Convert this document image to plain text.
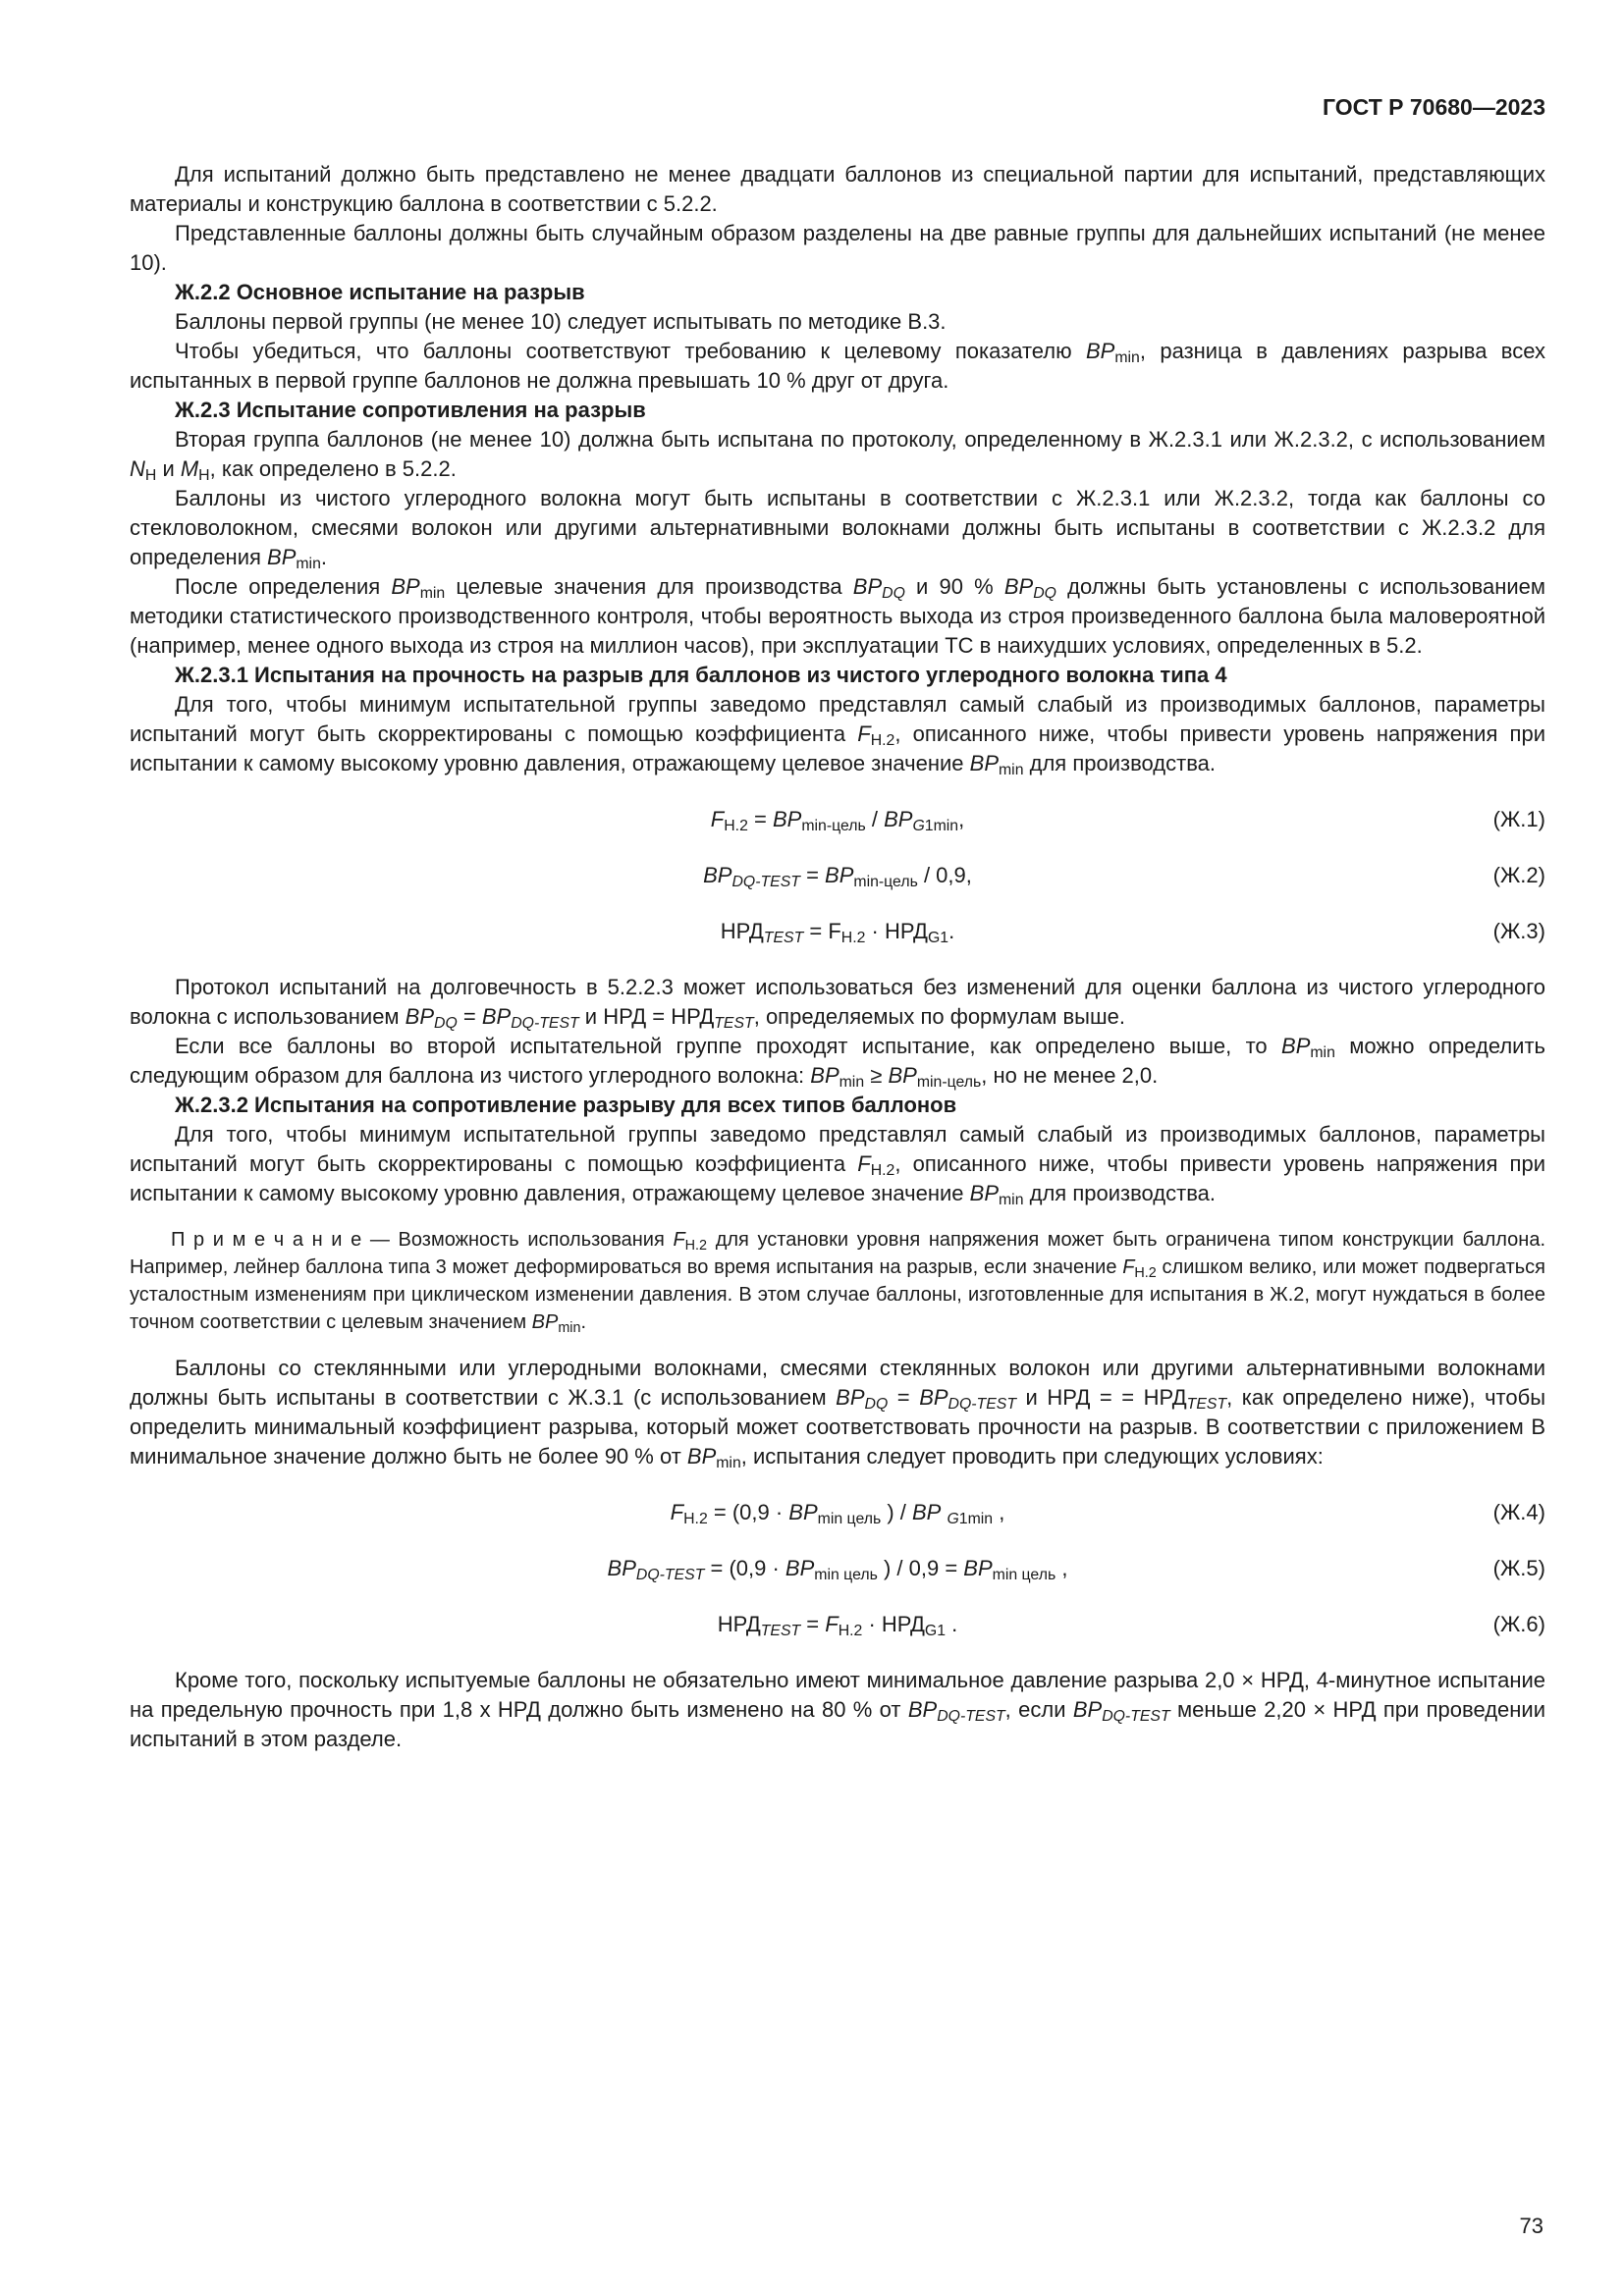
ГОСТ Р 70680—2023

Для испытаний должно быть представлено не менее двадцати баллонов из специальной партии для испытаний, представляющих материалы и конструкцию баллона в соответствии с 5.2.2.

Представленные баллоны должны быть случайным образом разделены на две равные группы для дальнейших испытаний (не менее 10).

Ж.2.2 Основное испытание на разрыв

Баллоны первой группы (не менее 10) следует испытывать по методике В.3.

Чтобы убедиться, что баллоны соответствуют требованию к целевому показателю $BP_{min}$, разница в давлениях разрыва всех испытанных в первой группе баллонов не должна превышать 10 % друг от друга.

Ж.2.3 Испытание сопротивления на разрыв

Вторая группа баллонов (не менее 10) должна быть испытана по протоколу, определенному в Ж.2.3.1 или Ж.2.3.2, с использованием $N_H$ и $M_H$, как определено в 5.2.2.

Баллоны из чистого углеродного волокна могут быть испытаны в соответствии с Ж.2.3.1 или Ж.2.3.2, тогда как баллоны со стекловолокном, смесями волокон или другими альтернативными волокнами должны быть испытаны в соответствии с Ж.2.3.2 для определения $BP_{min}$.

После определения $BP_{min}$ целевые значения для производства $BP_{DQ}$ и 90 % $BP_{DQ}$ должны быть установлены с использованием методики статистического производственного контроля, чтобы вероятность выхода из строя произведенного баллона была маловероятной (например, менее одного выхода из строя на миллион часов), при эксплуатации ТС в наихудших условиях, определенных в 5.2.

Ж.2.3.1 Испытания на прочность на разрыв для баллонов из чистого углеродного волокна типа 4

Для того, чтобы минимум испытательной группы заведомо представлял самый слабый из производимых баллонов, параметры испытаний могут быть скорректированы с помощью коэффициента $F_{H.2}$, описанного ниже, чтобы привести уровень напряжения при испытании к самому высокому уровню давления, отражающему целевое значение $BP_{min}$ для производства.

$F_{H.2} = BP_{min-цель} / BP_{G1min}$,	(Ж.1)
$BP_{DQ-TEST} = BP_{min-цель} / 0,9$,	(Ж.2)
$НРД_{TEST} = F_{H.2} \cdot НРД_{G1}$.	(Ж.3)

Протокол испытаний на долговечность в 5.2.2.3 может использоваться без изменений для оценки баллона из чистого углеродного волокна с использованием $BP_{DQ} = BP_{DQ-TEST}$ и НРД = $НРД_{TEST}$, определяемых по формулам выше.

Если все баллоны во второй испытательной группе проходят испытание, как определено выше, то $BP_{min}$ можно определить следующим образом для баллона из чистого углеродного волокна: $BP_{min} \ge BP_{min-цель}$, но не менее 2,0.

Ж.2.3.2 Испытания на сопротивление разрыву для всех типов баллонов

Для того, чтобы минимум испытательной группы заведомо представлял самый слабый из производимых баллонов, параметры испытаний могут быть скорректированы с помощью коэффициента $F_{H.2}$, описанного ниже, чтобы привести уровень напряжения при испытании к самому высокому уровню давления, отражающему целевое значение $BP_{min}$ для производства.

П р и м е ч а н и е — Возможность использования $F_{H.2}$ для установки уровня напряжения может быть ограничена типом конструкции баллона. Например, лейнер баллона типа 3 может деформироваться во время испытания на разрыв, если значение $F_{H.2}$ слишком велико, или может подвергаться усталостным изменениям при циклическом изменении давления. В этом случае баллоны, изготовленные для испытания в Ж.2, могут нуждаться в более точном соответствии с целевым значением $BP_{min}$.

Баллоны со стеклянными или углеродными волокнами, смесями стеклянных волокон или другими альтернативными волокнами должны быть испытаны в соответствии с Ж.3.1 (с использованием $BP_{DQ} = BP_{DQ-TEST}$ и НРД = = $НРД_{TEST}$, как определено ниже), чтобы определить минимальный коэффициент разрыва, который может соответствовать прочности на разрыв. В соответствии с приложением В минимальное значение должно быть не более 90 % от $BP_{min}$, испытания следует проводить при следующих условиях:

$F_{H.2} = (0,9 \cdot BP_{min цель}$ ) / BP $_{G1min}$ ,	(Ж.4)
$BP_{DQ-TEST} = (0,9 \cdot BP_{min цель}$ ) / $0,9 = BP_{min цель}$ ,	(Ж.5)
$НРД_{TEST} = F_{H.2} \cdot НРД_{G1}$ .	(Ж.6)

Кроме того, поскольку испытуемые баллоны не обязательно имеют минимальное давление разрыва 2,0 × НРД, 4-минутное испытание на предельную прочность при 1,8 х НРД должно быть изменено на 80 % от $BP_{DQ-TEST}$, если $BP_{DQ-TEST}$ меньше 2,20 × НРД при проведении испытаний в этом разделе.

73
